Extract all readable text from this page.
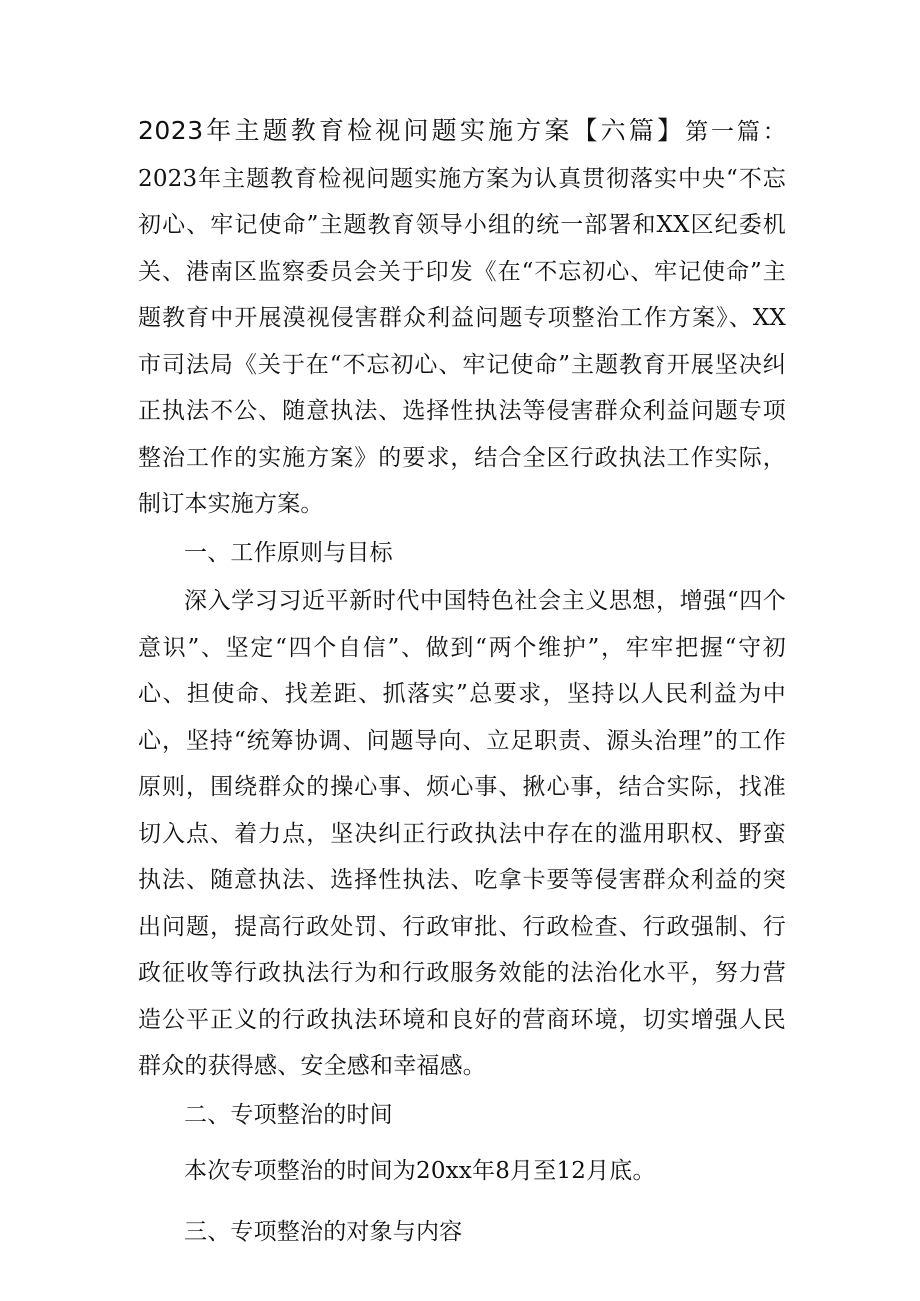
2023年主题教育检视问题实施方案【六篇】第一篇：2023年主题教育检视问题实施方案为认真贯彻落实中央“不忘初心、牢记使命”主题教育领导小组的统一部署和XX区纪委机关、港南区监察委员会关于印发《在“不忘初心、牢记使命”主题教育中开展漠视侵害群众利益问题专项整治工作方案》、XX市司法局《关于在“不忘初心、牢记使命”主题教育开展坚决纠正执法不公、随意执法、选择性执法等侵害群众利益问题专项整治工作的实施方案》的要求，结合全区行政执法工作实际，制订本实施方案。

一、工作原则与目标

深入学习习近平新时代中国特色社会主义思想，增强“四个意识”、坚定“四个自信”、做到“两个维护”，牢牢把握“守初心、担使命、找差距、抓落实”总要求，坚持以人民利益为中心，坚持“统筹协调、问题导向、立足职责、源头治理”的工作原则，围绕群众的操心事、烦心事、揪心事，结合实际，找准切入点、着力点，坚决纠正行政执法中存在的滥用职权、野蛮执法、随意执法、选择性执法、吃拿卡要等侵害群众利益的突出问题，提高行政处罚、行政审批、行政检查、行政强制、行政征收等行政执法行为和行政服务效能的法治化水平，努力营造公平正义的行政执法环境和良好的营商环境，切实增强人民群众的获得感、安全感和幸福感。

二、专项整治的时间

本次专项整治的时间为20xx年8月至12月底。

三、专项整治的对象与内容
